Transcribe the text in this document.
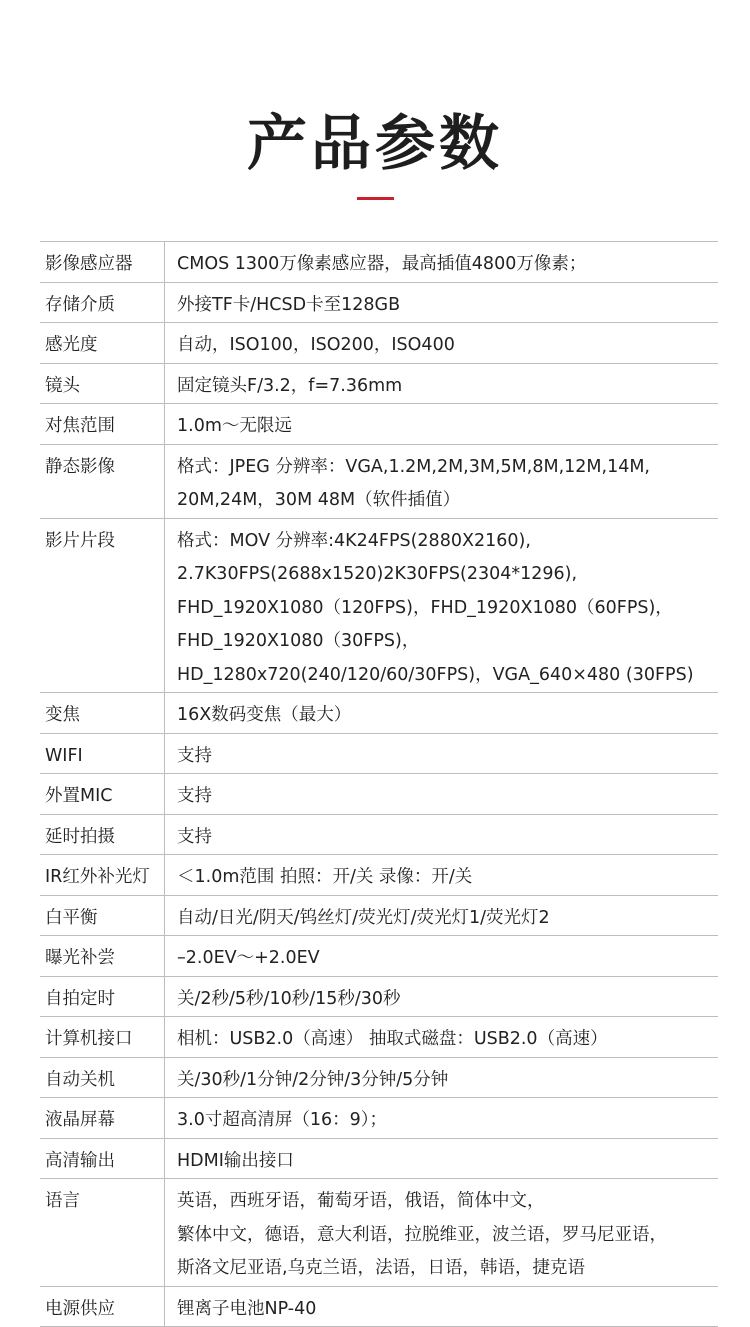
产品参数
影像感应器	CMOS 1300万像素感应器，最高插值4800万像素；

存储介质	外接TF卡/HCSD卡至128GB

感光度	自动，ISO100，ISO200，ISO400

镜头	固定镜头F/3.2，f=7.36mm

对焦范围	1.0m～无限远

静态影像	格式：JPEG 分辨率：VGA,1.2M,2M,3M,5M,8M,12M,14M,
20M,24M，30M 48M（软件插值）

影片片段	格式：MOV 分辨率:4K24FPS(2880X2160),
2.7K30FPS(2688x1520)2K30FPS(2304*1296),
FHD_1920X1080（120FPS)，FHD_1920X1080（60FPS)，
FHD_1920X1080（30FPS)，
HD_1280x720(240/120/60/30FPS)，VGA_640×480 (30FPS)

变焦	16X数码变焦（最大）

WIFI	支持

外置MIC	支持

延时拍摄	支持

IR红外补光灯	＜1.0m范围 拍照：开/关 录像：开/关

白平衡	自动/日光/阴天/钨丝灯/荧光灯/荧光灯1/荧光灯2

曝光补尝	–2.0EV～+2.0EV

自拍定时	关/2秒/5秒/10秒/15秒/30秒

计算机接口	相机：USB2.0（高速） 抽取式磁盘：USB2.0（高速）

自动关机	关/30秒/1分钟/2分钟/3分钟/5分钟

液晶屏幕	3.0寸超高清屏（16：9）；

高清输出	HDMI输出接口

语言	英语，西班牙语，葡萄牙语，俄语，简体中文，
繁体中文，德语，意大利语，拉脱维亚，波兰语，罗马尼亚语，
斯洛文尼亚语,乌克兰语，法语，日语，韩语，捷克语

电源供应	锂离子电池NP-40
